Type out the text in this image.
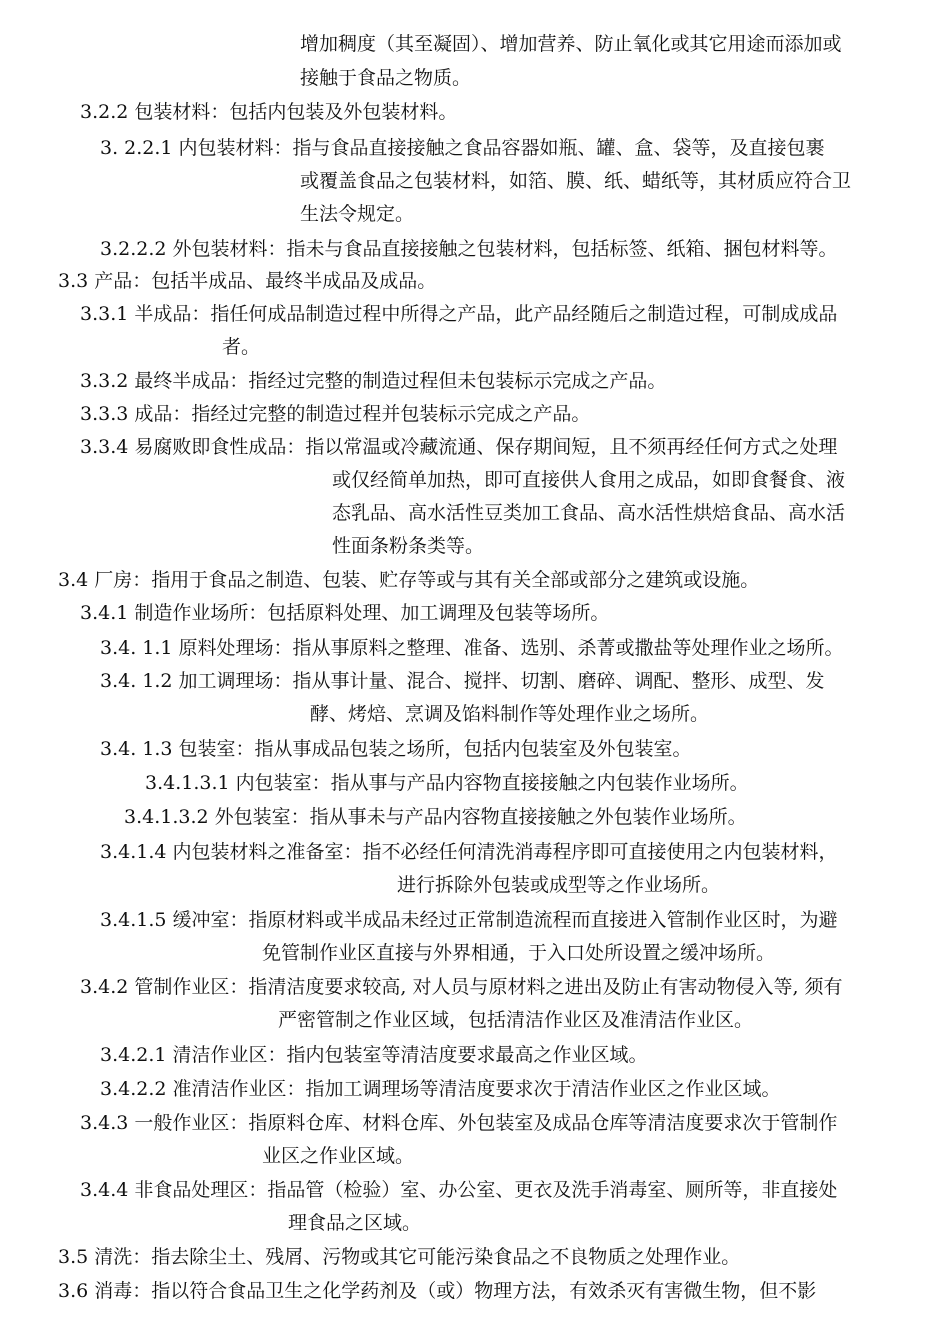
增加稠度（其至凝固）、增加营养、防止氧化或其它用途而添加或
接触于食品之物质。
3.2.2 包装材料：包括内包装及外包装材料。
3. 2.2.1 内包装材料：指与食品直接接触之食品容器如瓶、罐、盒、袋等，及直接包裹
或覆盖食品之包装材料，如箔、膜、纸、蜡纸等，其材质应符合卫
生法令规定。
3.2.2.2 外包装材料：指未与食品直接接触之包装材料，包括标签、纸箱、捆包材料等。
3.3 产品：包括半成品、最终半成品及成品。
3.3.1 半成品：指任何成品制造过程中所得之产品，此产品经随后之制造过程，可制成成品
者。
3.3.2 最终半成品：指经过完整的制造过程但未包装标示完成之产品。
3.3.3 成品：指经过完整的制造过程并包装标示完成之产品。
3.3.4 易腐败即食性成品：指以常温或冷藏流通、保存期间短，且不须再经任何方式之处理
或仅经简单加热，即可直接供人食用之成品，如即食餐食、液
态乳品、高水活性豆类加工食品、高水活性烘焙食品、高水活
性面条粉条类等。
3.4 厂房：指用于食品之制造、包装、贮存等或与其有关全部或部分之建筑或设施。
3.4.1 制造作业场所：包括原料处理、加工调理及包装等场所。
3.4. 1.1 原料处理场：指从事原料之整理、准备、选别、杀菁或撒盐等处理作业之场所。
3.4. 1.2 加工调理场：指从事计量、混合、搅拌、切割、磨碎、调配、整形、成型、发
酵、烤焙、烹调及馅料制作等处理作业之场所。
3.4. 1.3 包装室：指从事成品包装之场所，包括内包装室及外包装室。
3.4.1.3.1 内包装室：指从事与产品内容物直接接触之内包装作业场所。
3.4.1.3.2 外包装室：指从事未与产品内容物直接接触之外包装作业场所。
3.4.1.4 内包装材料之准备室：指不必经任何清洗消毒程序即可直接使用之内包装材料，
进行拆除外包装或成型等之作业场所。
3.4.1.5 缓冲室：指原材料或半成品未经过正常制造流程而直接进入管制作业区时，为避
免管制作业区直接与外界相通，于入口处所设置之缓冲场所。
3.4.2 管制作业区：指清洁度要求较高, 对人员与原材料之进出及防止有害动物侵入等, 须有
严密管制之作业区域，包括清洁作业区及准清洁作业区。
3.4.2.1 清洁作业区：指内包装室等清洁度要求最高之作业区域。
3.4.2.2 准清洁作业区：指加工调理场等清洁度要求次于清洁作业区之作业区域。
3.4.3 一般作业区：指原料仓库、材料仓库、外包装室及成品仓库等清洁度要求次于管制作
业区之作业区域。
3.4.4 非食品处理区：指品管（检验）室、办公室、更衣及洗手消毒室、厕所等，非直接处
理食品之区域。
3.5 清洗：指去除尘土、残屑、污物或其它可能污染食品之不良物质之处理作业。
3.6 消毒：指以符合食品卫生之化学药剂及（或）物理方法，有效杀灭有害微生物，但不影
